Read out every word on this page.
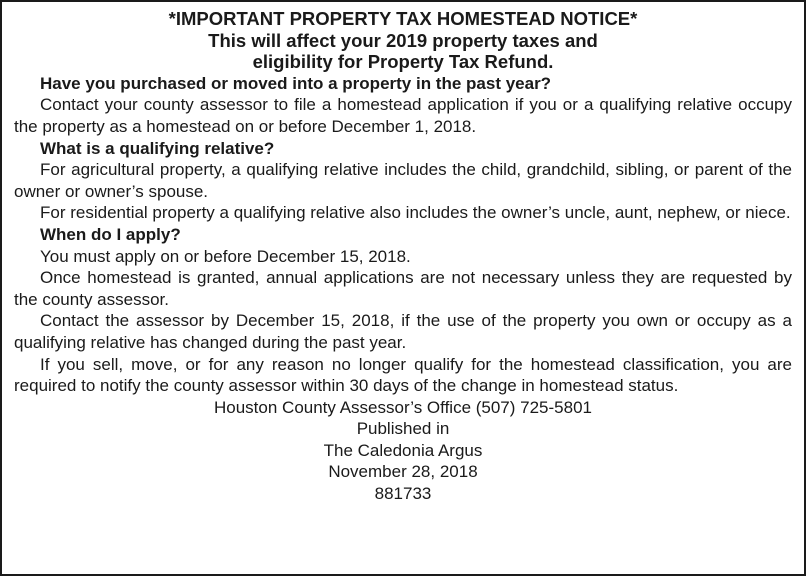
*IMPORTANT PROPERTY TAX HOMESTEAD NOTICE*

This will affect your 2019 property taxes and

eligibility for Property Tax Refund.

Have you purchased or moved into a property in the past year?

Contact your county assessor to file a homestead application if you or a qualifying relative occupy the property as a homestead on or before December 1, 2018.

What is a qualifying relative?

For agricultural property, a qualifying relative includes the child, grandchild, sibling, or parent of the owner or owner’s spouse.

For residential property a qualifying relative also includes the owner’s uncle, aunt, nephew, or niece.

When do I apply?

You must apply on or before December 15, 2018.

Once homestead is granted, annual applications are not necessary unless they are requested by the county assessor.

Contact the assessor by December 15, 2018, if the use of the property you own or occupy as a qualifying relative has changed during the past year.

If you sell, move, or for any reason no longer qualify for the homestead classification, you are required to notify the county assessor within 30 days of the change in homestead status.

Houston County Assessor’s Office (507) 725-5801

Published in

The Caledonia Argus

November 28, 2018

881733
